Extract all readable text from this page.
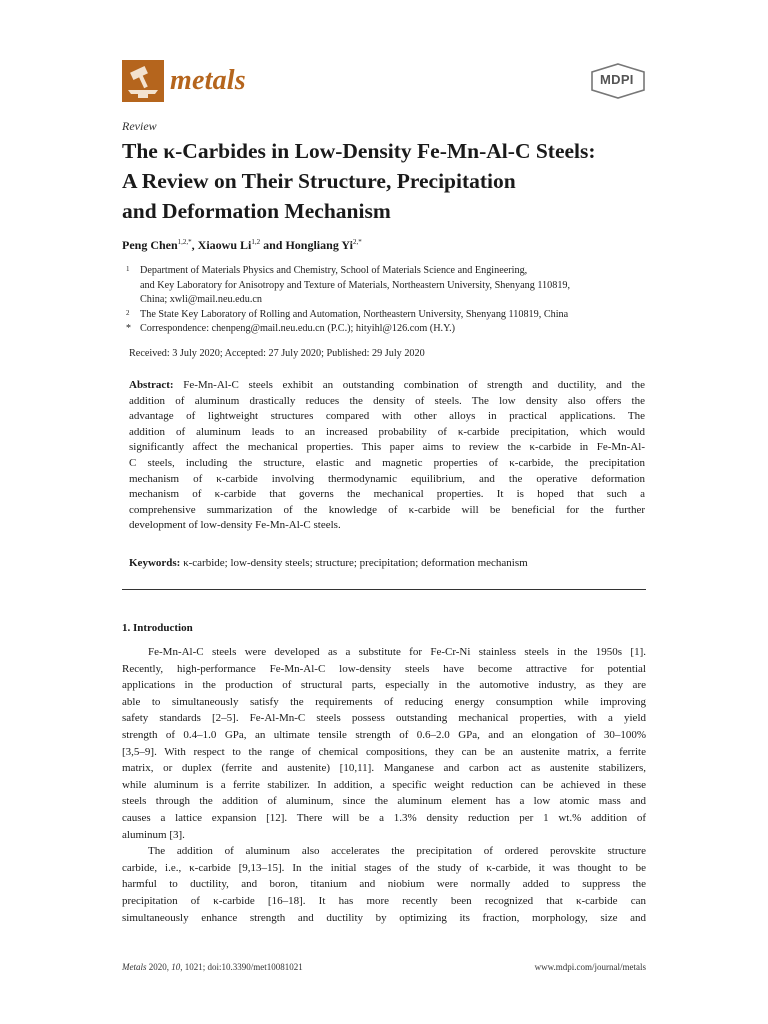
metals	MDPI
Review
The κ-Carbides in Low-Density Fe-Mn-Al-C Steels:
A Review on Their Structure, Precipitation
and Deformation Mechanism
Peng Chen$^{1,2,*}$, Xiaowu Li$^{1,2}$ and Hongliang $Yi^{2,*}$
1 Department of Materials Physics and Chemistry, School of Materials Science and Engineering,
and Key Laboratory for Anisotropy and Texture of Materials, Northeastern University, Shenyang 110819,
China; xwli@mail.neu.edu.cn
2 The State Key Laboratory of Rolling and Automation, Northeastern University, Shenyang 110819, China
* Correspondence: chenpeng@mail.neu.edu.cn (P.C.); hityihl@126.com (H.Y.)
Received: 3 July 2020; Accepted: 27 July 2020; Published: 29 July 2020
Abstract: Fe-Mn-Al-C steels exhibit an outstanding combination of strength and ductility, and the
addition of aluminum drastically reduces the density of steels. The low density also offers the
advantage of lightweight structures compared with other alloys in practical applications. The
addition of aluminum leads to an increased probability of κ-carbide precipitation, which would
significantly affect the mechanical properties. This paper aims to review the κ-carbide in Fe-Mn-Al-
C steels, including the structure, elastic and magnetic properties of κ-carbide, the precipitation
mechanism of κ-carbide involving thermodynamic equilibrium, and the operative deformation
mechanism of κ-carbide that governs the mechanical properties. It is hoped that such a
comprehensive summarization of the knowledge of κ-carbide will be beneficial for the further
development of low-density Fe-Mn-Al-C steels.
Keywords: κ-carbide; low-density steels; structure; precipitation; deformation mechanism
1. Introduction
Fe-Mn-Al-C steels were developed as a substitute for Fe-Cr-Ni stainless steels in the 1950s [1].
Recently, high-performance Fe-Mn-Al-C low-density steels have become attractive for potential
applications in the production of structural parts, especially in the automotive industry, as they are
able to simultaneously satisfy the requirements of reducing energy consumption while improving
safety standards [2–5]. Fe-Al-Mn-C steels possess outstanding mechanical properties, with a yield
strength of 0.4–1.0 GPa, an ultimate tensile strength of 0.6–2.0 GPa, and an elongation of 30–100%
[3,5–9]. With respect to the range of chemical compositions, they can be an austenite matrix, a ferrite
matrix, or duplex (ferrite and austenite) [10,11]. Manganese and carbon act as austenite stabilizers,
while aluminum is a ferrite stabilizer. In addition, a specific weight reduction can be achieved in these
steels through the addition of aluminum, since the aluminum element has a low atomic mass and
causes a lattice expansion [12]. There will be a 1.3% density reduction per 1 wt.% addition of
aluminum [3].
The addition of aluminum also accelerates the precipitation of ordered perovskite structure
carbide, i.e., κ-carbide [9,13–15]. In the initial stages of the study of κ-carbide, it was thought to be
harmful to ductility, and boron, titanium and niobium were normally added to suppress the
precipitation of κ-carbide [16–18]. It has more recently been recognized that κ-carbide can
simultaneously enhance strength and ductility by optimizing its fraction, morphology, size and
Metals 2020, 10, 1021; doi:10.3390/met10081021	www.mdpi.com/journal/metals
